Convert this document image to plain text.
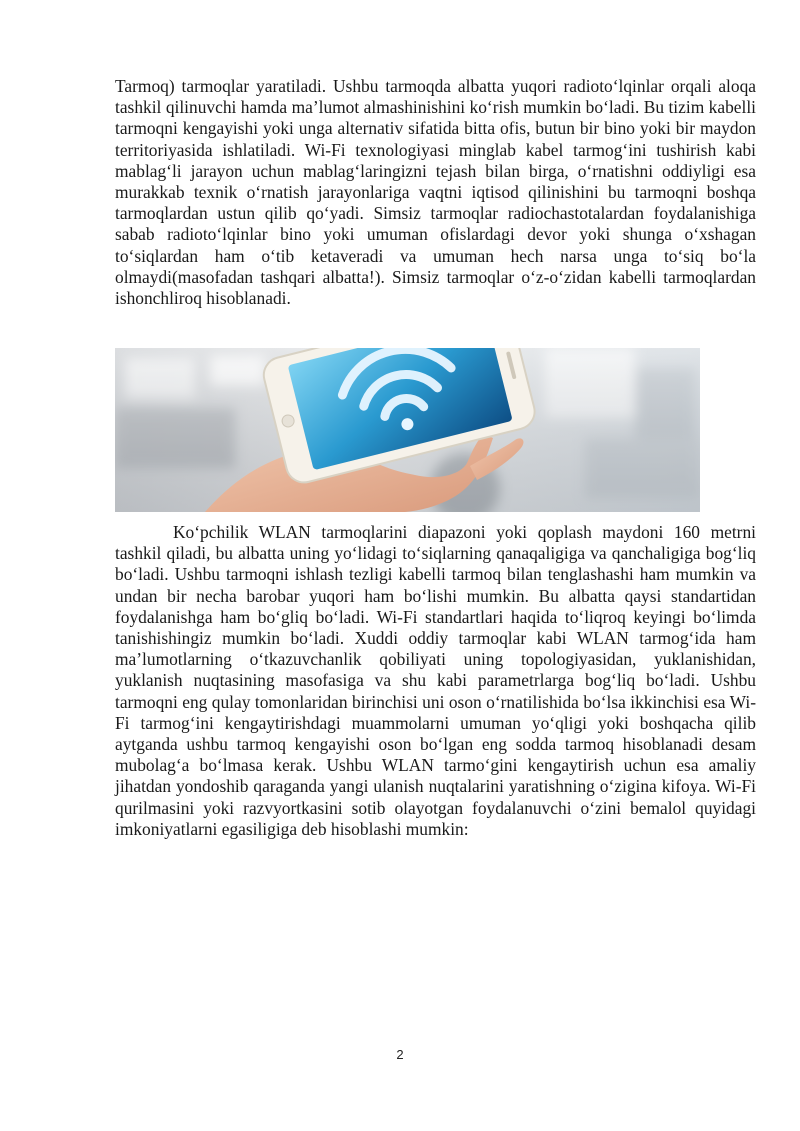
Tarmoq) tarmoqlar yaratiladi. Ushbu tarmoqda albatta yuqori radioto‘lqinlar orqali aloqa tashkil qilinuvchi hamda ma’lumot almashinishini ko‘rish mumkin bo‘ladi. Bu tizim kabelli tarmoqni kengayishi yoki unga alternativ sifatida bitta ofis, butun bir bino yoki bir maydon territoriyasida ishlatiladi. Wi-Fi texnologiyasi minglab kabel tarmog‘ini tushirish kabi mablag‘li jarayon uchun mablag‘laringizni tejash bilan birga, o‘rnatishni oddiyligi esa murakkab texnik o‘rnatish jarayonlariga vaqtni iqtisod qilinishini bu tarmoqni boshqa tarmoqlardan ustun qilib qo‘yadi. Simsiz tarmoqlar radiochastotalardan foydalanishiga sabab radioto‘lqinlar bino yoki umuman ofislardagi devor yoki shunga o‘xshagan to‘siqlardan ham o‘tib ketaveradi va umuman hech narsa unga to‘siq bo‘la olmaydi(masofadan tashqari albatta!). Simsiz tarmoqlar o‘z-o‘zidan kabelli tarmoqlardan ishonchliroq hisoblanadi.

Ko‘pchilik WLAN tarmoqlarini diapazoni yoki qoplash maydoni 160 metrni tashkil qiladi, bu albatta uning yo‘lidagi to‘siqlarning qanaqaligiga va qanchaligiga bog‘liq bo‘ladi. Ushbu tarmoqni ishlash tezligi kabelli tarmoq bilan tenglashashi ham mumkin va undan bir necha barobar yuqori ham bo‘lishi mumkin. Bu albatta qaysi standartidan foydalanishga ham bo‘gliq bo‘ladi. Wi-Fi standartlari haqida to‘liqroq keyingi bo‘limda tanishishingiz mumkin bo‘ladi. Xuddi oddiy tarmoqlar kabi WLAN tarmog‘ida ham ma’lumotlarning o‘tkazuvchanlik qobiliyati uning topologiyasidan, yuklanishidan, yuklanish nuqtasining masofasiga va shu kabi parametrlarga bog‘liq bo‘ladi. Ushbu tarmoqni eng qulay tomonlaridan birinchisi uni oson o‘rnatilishida bo‘lsa ikkinchisi esa Wi-Fi tarmog‘ini kengaytirishdagi muammolarni umuman yo‘qligi yoki boshqacha qilib aytganda ushbu tarmoq kengayishi oson bo‘lgan eng sodda tarmoq hisoblanadi desam mubolag‘a bo‘lmasa kerak. Ushbu WLAN tarmo‘gini kengaytirish uchun esa amaliy jihatdan yondoshib qaraganda yangi ulanish nuqtalarini yaratishning o‘zigina kifoya. Wi-Fi qurilmasini yoki razvyortkasini sotib olayotgan foydalanuvchi o‘zini bemalol quyidagi imkoniyatlarni egasiligiga deb hisoblashi mumkin:

2
